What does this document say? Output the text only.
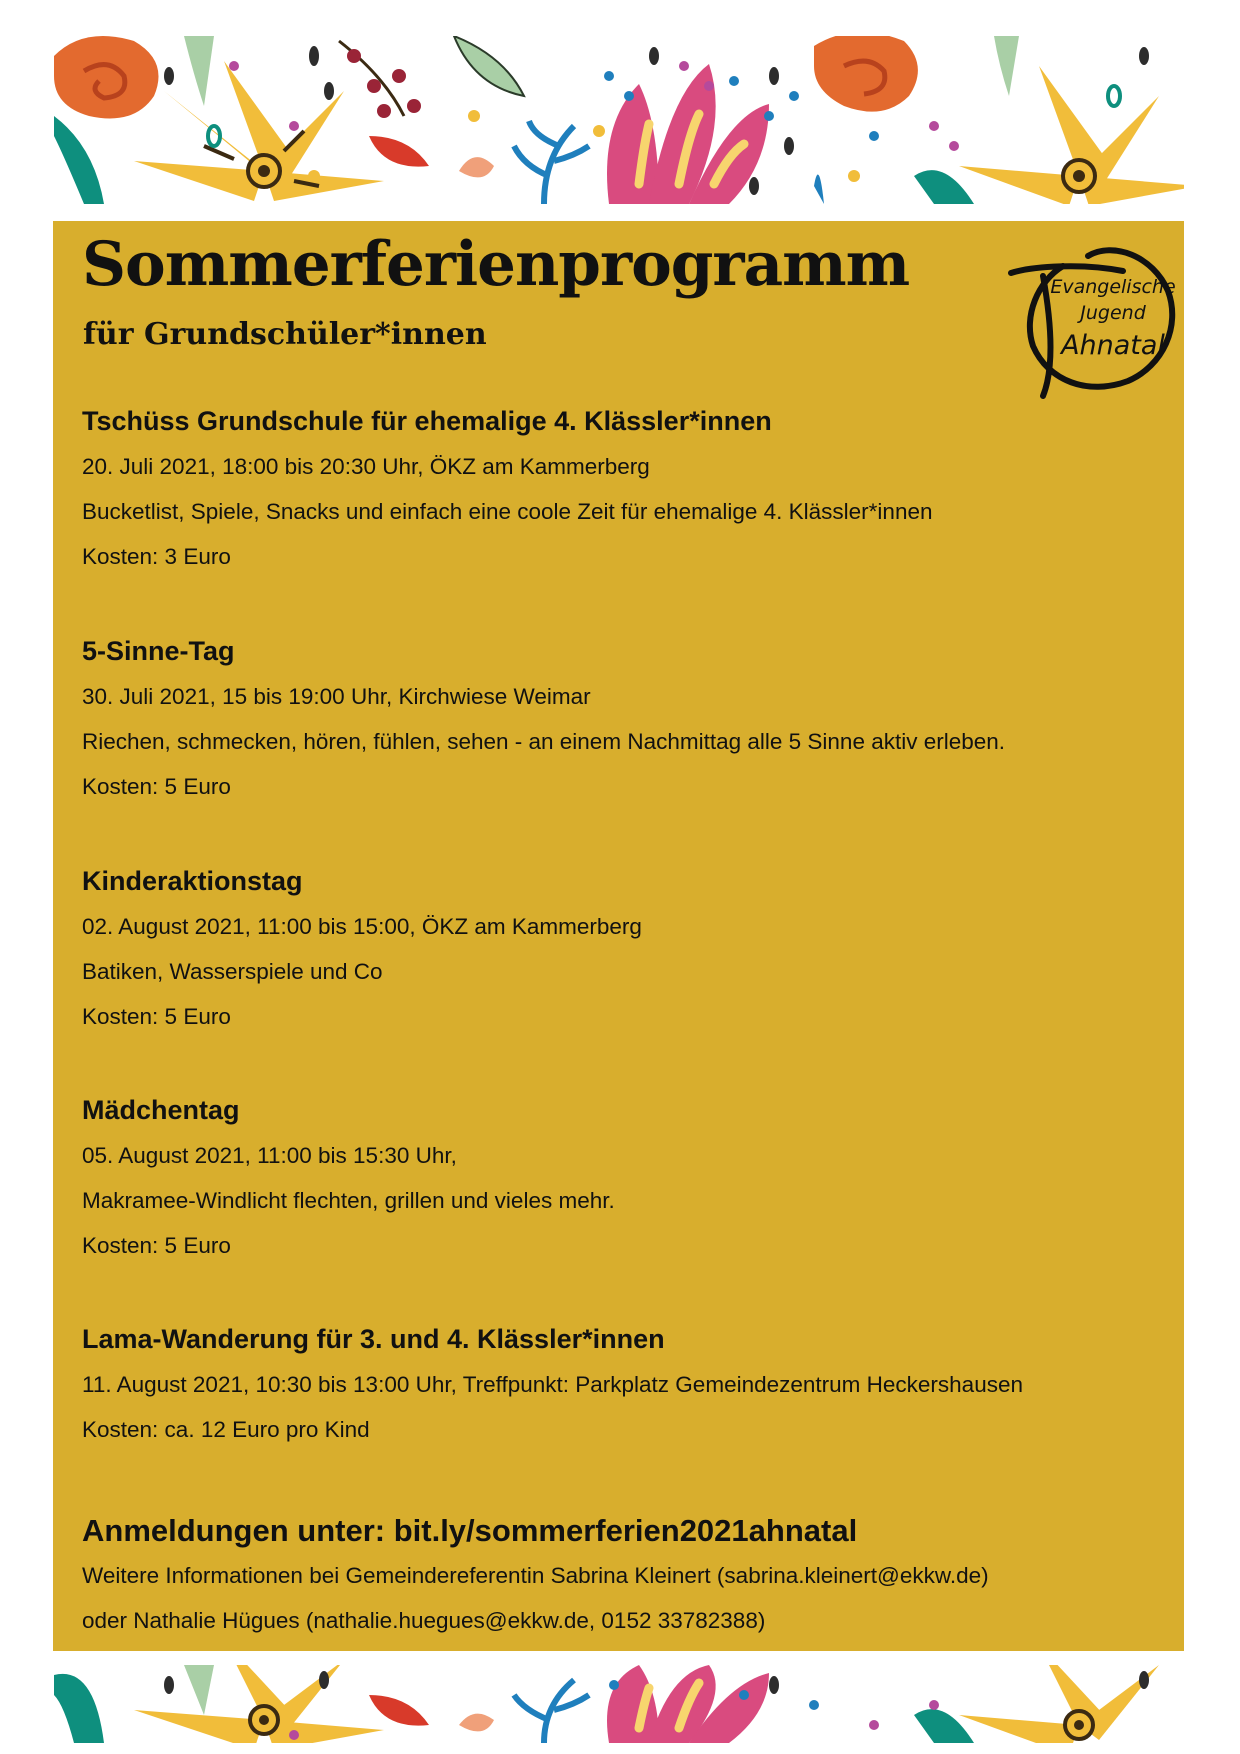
Sommerferienprogramm
für Grundschüler*innen
Evangelische
Jugend
Ahnatal
Tschüss Grundschule für ehemalige 4. Klässler*innen

20. Juli 2021, 18:00 bis 20:30 Uhr, ÖKZ am Kammerberg

Bucketlist, Spiele, Snacks und einfach eine coole Zeit für ehemalige 4. Klässler*innen

Kosten: 3 Euro

5-Sinne-Tag

30. Juli 2021, 15 bis 19:00 Uhr, Kirchwiese Weimar

Riechen, schmecken, hören, fühlen, sehen - an einem Nachmittag alle 5 Sinne aktiv erleben.

Kosten: 5 Euro

Kinderaktionstag

02. August 2021, 11:00 bis 15:00, ÖKZ am Kammerberg

Batiken, Wasserspiele und Co

Kosten: 5 Euro

Mädchentag

05. August 2021, 11:00 bis 15:30 Uhr,

Makramee-Windlicht flechten, grillen und vieles mehr.

Kosten: 5 Euro

Lama-Wanderung für 3. und 4. Klässler*innen

11. August 2021, 10:30 bis 13:00 Uhr, Treffpunkt: Parkplatz Gemeindezentrum Heckershausen

Kosten: ca. 12 Euro pro Kind

Anmeldungen unter: bit.ly/sommerferien2021ahnatal

Weitere Informationen bei Gemeindereferentin Sabrina Kleinert (sabrina.kleinert@ekkw.de)

oder Nathalie Hügues (nathalie.huegues@ekkw.de, 0152 33782388)
